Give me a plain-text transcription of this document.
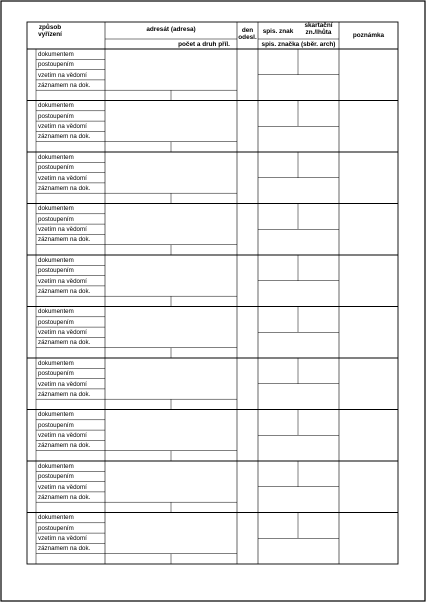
způsob
vyřízení
adresát (adresa)
počet a druh příl.
den
odesl.
spis. znak
skartační
zn./lhůta
spis. značka (sběr. arch)
poznámka
dokumentem
postoupením
vzetím na vědomí
záznamem na dok.
dokumentem
postoupením
vzetím na vědomí
záznamem na dok.
dokumentem
postoupením
vzetím na vědomí
záznamem na dok.
dokumentem
postoupením
vzetím na vědomí
záznamem na dok.
dokumentem
postoupením
vzetím na vědomí
záznamem na dok.
dokumentem
postoupením
vzetím na vědomí
záznamem na dok.
dokumentem
postoupením
vzetím na vědomí
záznamem na dok.
dokumentem
postoupením
vzetím na vědomí
záznamem na dok.
dokumentem
postoupením
vzetím na vědomí
záznamem na dok.
dokumentem
postoupením
vzetím na vědomí
záznamem na dok.
